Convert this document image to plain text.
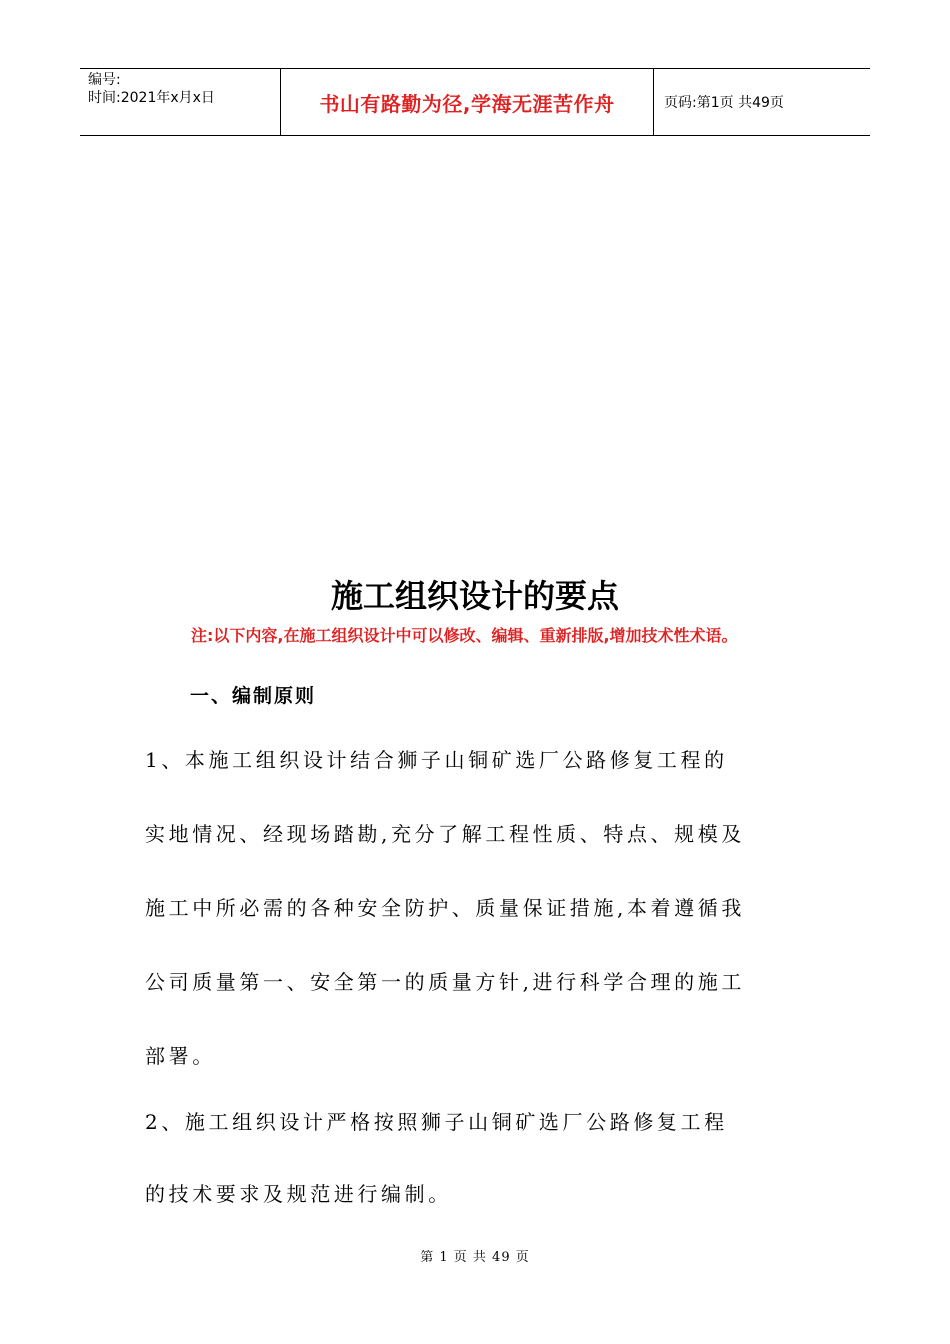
编号:
时间:2021年x月x日	书山有路勤为径,学海无涯苦作舟	页码:第1页 共49页
施工组织设计的要点
注:以下内容,在施工组织设计中可以修改、编辑、重新排版,增加技术性术语。
一、编制原则
1、本施工组织设计结合狮子山铜矿选厂公路修复工程的
实地情况、经现场踏勘,充分了解工程性质、特点、规模及
施工中所必需的各种安全防护、质量保证措施,本着遵循我
公司质量第一、安全第一的质量方针,进行科学合理的施工
部署。
2、施工组织设计严格按照狮子山铜矿选厂公路修复工程
的技术要求及规范进行编制。
第 1 页 共 49 页
